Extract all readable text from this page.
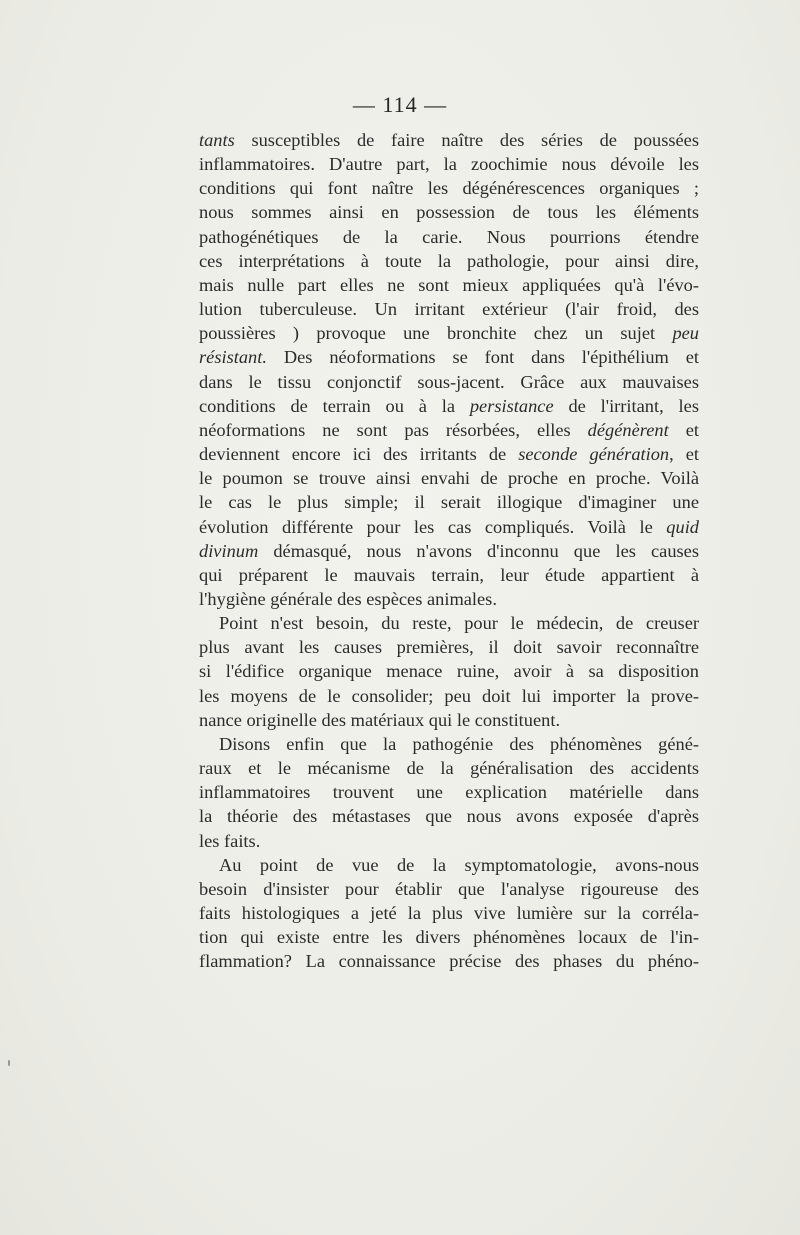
— 114 —

tants susceptibles de faire naître des séries de poussées
inflammatoires. D'autre part, la zoochimie nous dévoile les
conditions qui font naître les dégénérescences organiques ;
nous sommes ainsi en possession de tous les éléments
pathogénétiques de la carie. Nous pourrions étendre
ces interprétations à toute la pathologie, pour ainsi dire,
mais nulle part elles ne sont mieux appliquées qu'à l'évo-
lution tuberculeuse. Un irritant extérieur (l'air froid, des
poussières ) provoque une bronchite chez un sujet peu
résistant. Des néoformations se font dans l'épithélium et
dans le tissu conjonctif sous-jacent. Grâce aux mauvaises
conditions de terrain ou à la persistance de l'irritant, les
néoformations ne sont pas résorbées, elles dégénèrent et
deviennent encore ici des irritants de seconde génération, et
le poumon se trouve ainsi envahi de proche en proche. Voilà
le cas le plus simple; il serait illogique d'imaginer une
évolution différente pour les cas compliqués. Voilà le quid
divinum démasqué, nous n'avons d'inconnu que les causes
qui préparent le mauvais terrain, leur étude appartient à
l'hygiène générale des espèces animales.

Point n'est besoin, du reste, pour le médecin, de creuser
plus avant les causes premières, il doit savoir reconnaître
si l'édifice organique menace ruine, avoir à sa disposition
les moyens de le consolider; peu doit lui importer la prove-
nance originelle des matériaux qui le constituent.

Disons enfin que la pathogénie des phénomènes géné-
raux et le mécanisme de la généralisation des accidents
inflammatoires trouvent une explication matérielle dans
la théorie des métastases que nous avons exposée d'après
les faits.

Au point de vue de la symptomatologie, avons-nous
besoin d'insister pour établir que l'analyse rigoureuse des
faits histologiques a jeté la plus vive lumière sur la corréla-
tion qui existe entre les divers phénomènes locaux de l'in-
flammation? La connaissance précise des phases du phéno-
